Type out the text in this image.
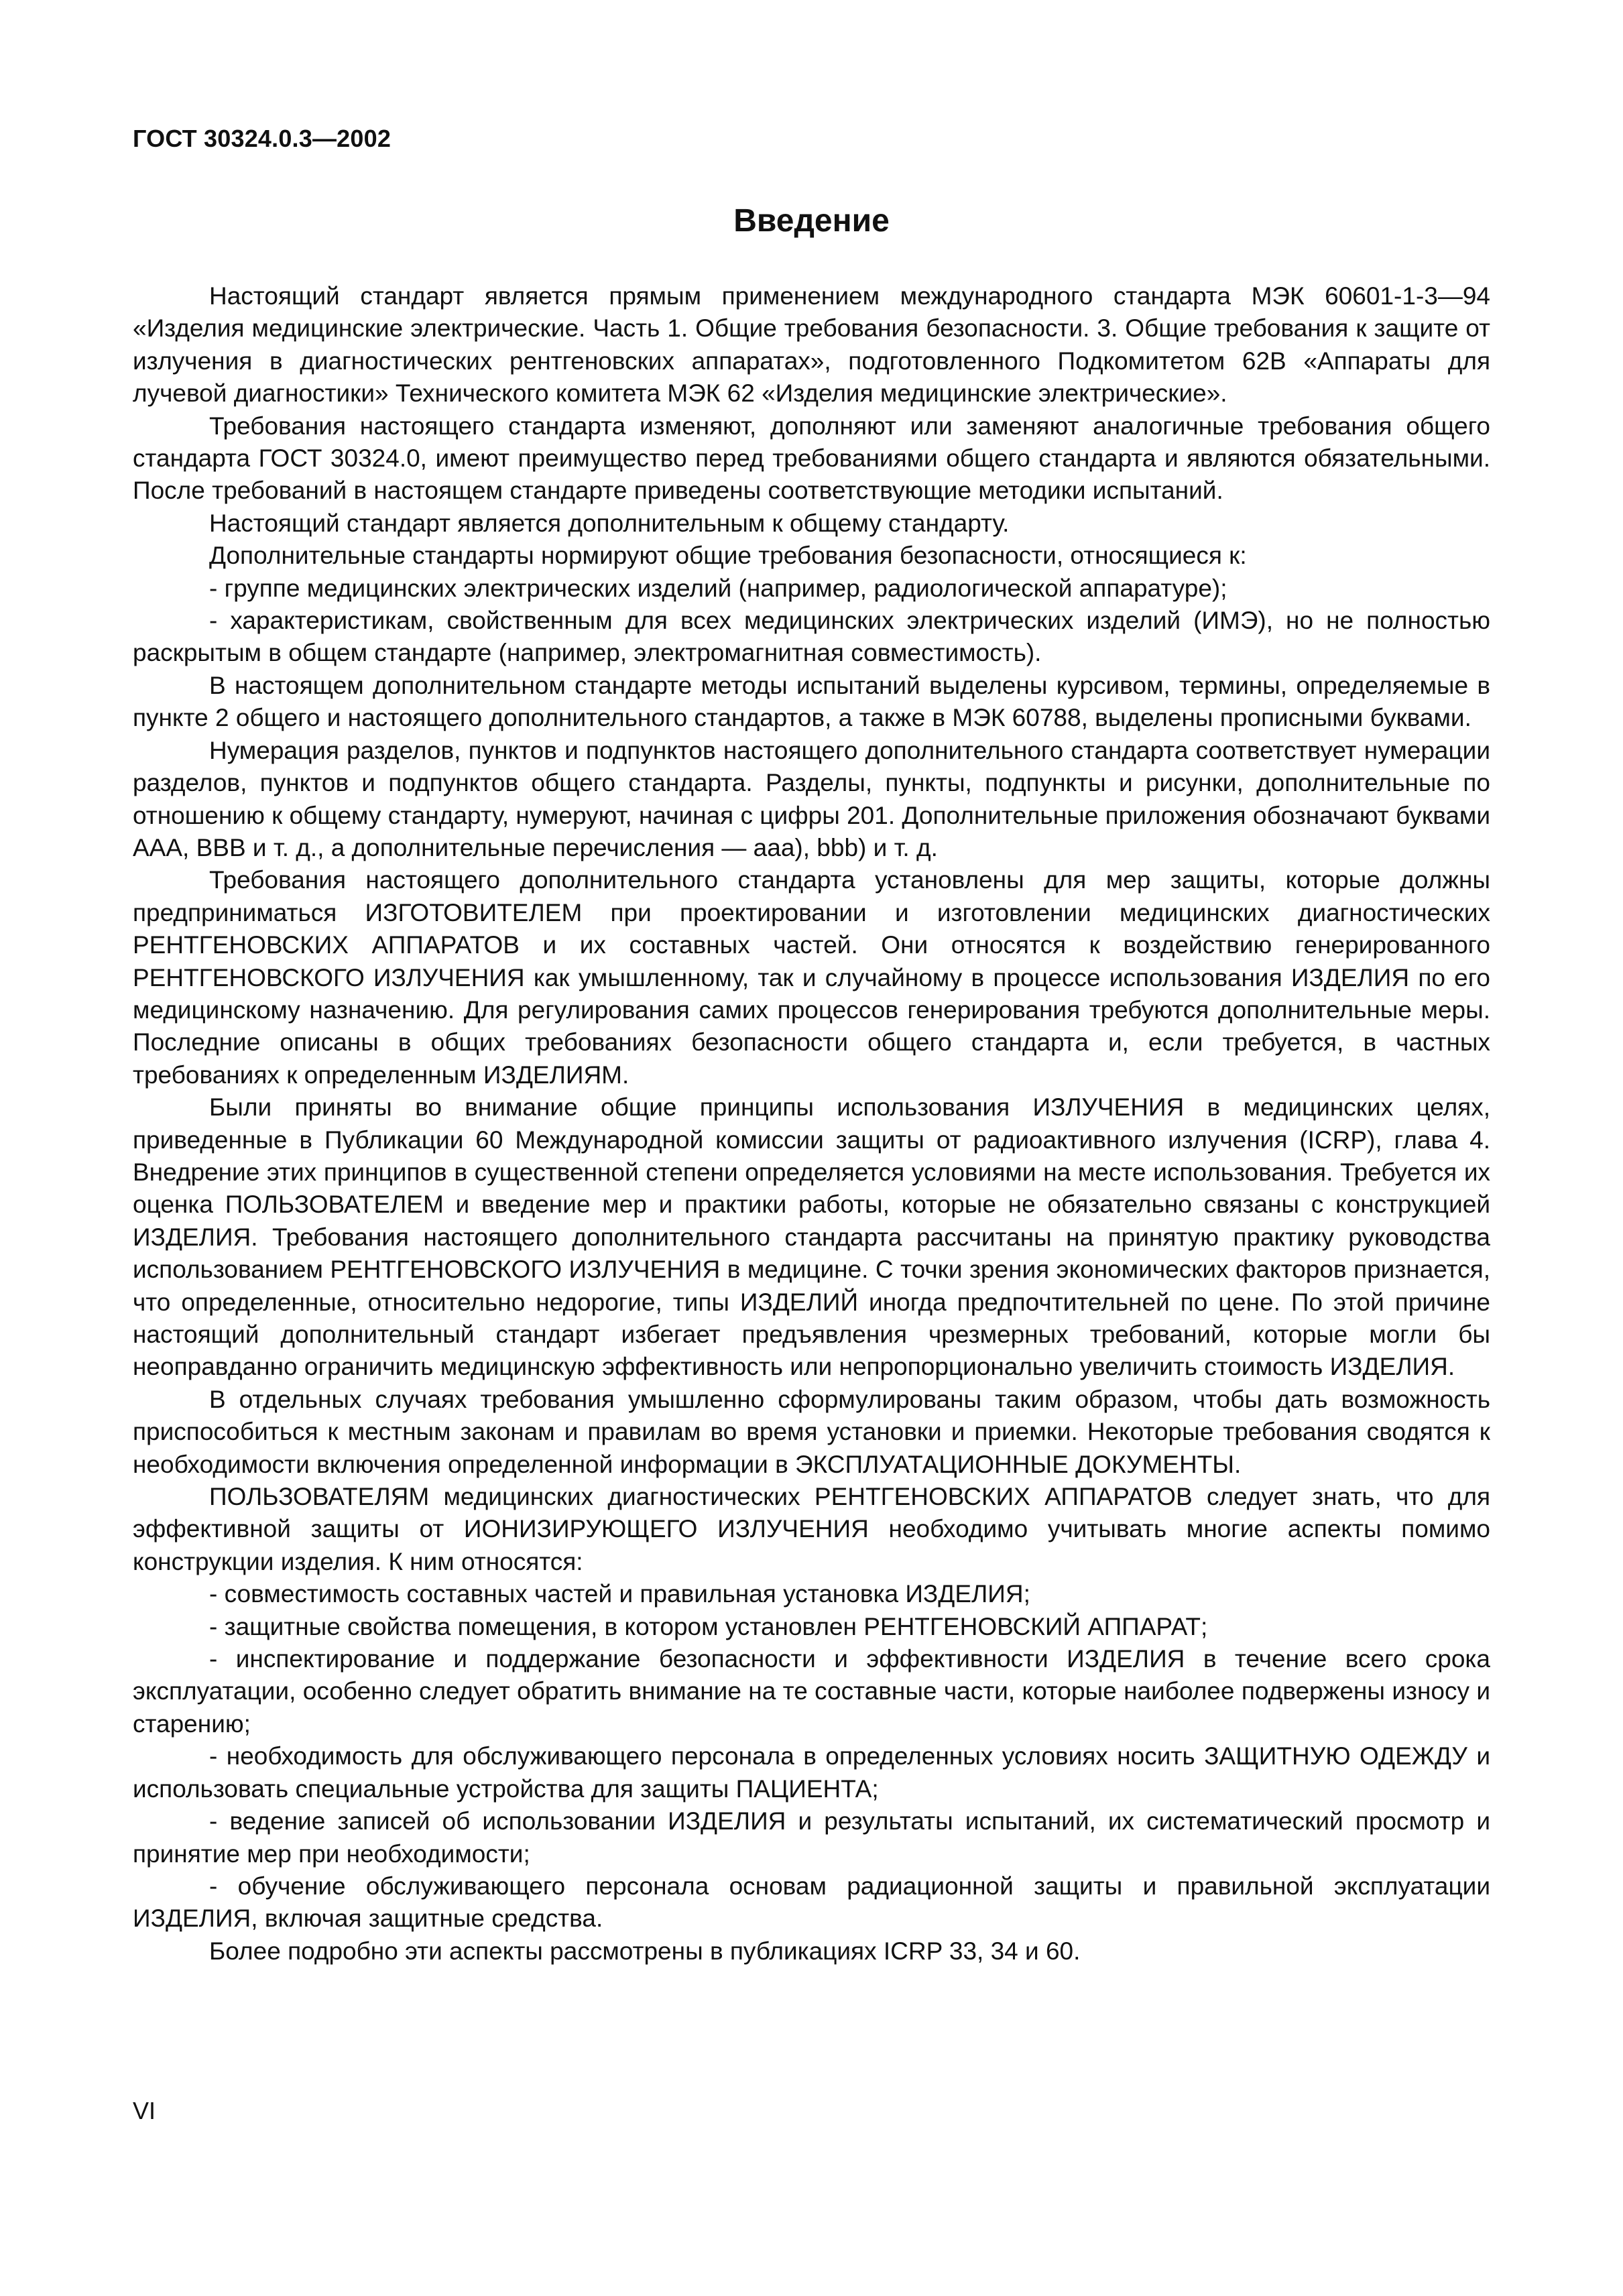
ГОСТ 30324.0.3—2002
Введение

Настоящий стандарт является прямым применением международного стандарта МЭК 60601-1-3—94 «Изделия медицинские электрические. Часть 1. Общие требования безопасности. 3. Общие требования к защите от излучения в диагностических рентгеновских аппаратах», подготовленного Подкомитетом 62В «Аппараты для лучевой диагностики» Технического комитета МЭК 62 «Изделия медицинские электрические».

Требования настоящего стандарта изменяют, дополняют или заменяют аналогичные требования общего стандарта ГОСТ 30324.0, имеют преимущество перед требованиями общего стандарта и являются обязательными. После требований в настоящем стандарте приведены соответствующие методики испытаний.

Настоящий стандарт является дополнительным к общему стандарту.

Дополнительные стандарты нормируют общие требования безопасности, относящиеся к:

- группе медицинских электрических изделий (например, радиологической аппаратуре);

- характеристикам, свойственным для всех медицинских электрических изделий (ИМЭ), но не полностью раскрытым в общем стандарте (например, электромагнитная совместимость).

В настоящем дополнительном стандарте методы испытаний выделены курсивом, термины, определяемые в пункте 2 общего и настоящего дополнительного стандартов, а также в МЭК 60788, выделены прописными буквами.

Нумерация разделов, пунктов и подпунктов настоящего дополнительного стандарта соответствует нумерации разделов, пунктов и подпунктов общего стандарта. Разделы, пункты, подпункты и рисунки, дополнительные по отношению к общему стандарту, нумеруют, начиная с цифры 201. Дополнительные приложения обозначают буквами ААА, ВВВ и т. д., а дополнительные перечисления — ааа), bbb) и т. д.

Требования настоящего дополнительного стандарта установлены для мер защиты, которые должны предприниматься ИЗГОТОВИТЕЛЕМ при проектировании и изготовлении медицинских диагностических РЕНТГЕНОВСКИХ АППАРАТОВ и их составных частей. Они относятся к воздействию генерированного РЕНТГЕНОВСКОГО ИЗЛУЧЕНИЯ как умышленному, так и случайному в процессе использования ИЗДЕЛИЯ по его медицинскому назначению. Для регулирования самих процессов генерирования требуются дополнительные меры. Последние описаны в общих требованиях безопасности общего стандарта и, если требуется, в частных требованиях к определенным ИЗДЕЛИЯМ.

Были приняты во внимание общие принципы использования ИЗЛУЧЕНИЯ в медицинских целях, приведенные в Публикации 60 Международной комиссии защиты от радиоактивного излучения (ICRP), глава 4. Внедрение этих принципов в существенной степени определяется условиями на месте использования. Требуется их оценка ПОЛЬЗОВАТЕЛЕМ и введение мер и практики работы, которые не обязательно связаны с конструкцией ИЗДЕЛИЯ. Требования настоящего дополнительного стандарта рассчитаны на принятую практику руководства использованием РЕНТГЕНОВСКОГО ИЗЛУЧЕНИЯ в медицине. С точки зрения экономических факторов признается, что определенные, относительно недорогие, типы ИЗДЕЛИЙ иногда предпочтительней по цене. По этой причине настоящий дополнительный стандарт избегает предъявления чрезмерных требований, которые могли бы неоправданно ограничить медицинскую эффективность или непропорционально увеличить стоимость ИЗДЕЛИЯ.

В отдельных случаях требования умышленно сформулированы таким образом, чтобы дать возможность приспособиться к местным законам и правилам во время установки и приемки. Некоторые требования сводятся к необходимости включения определенной информации в ЭКСПЛУАТАЦИОННЫЕ ДОКУМЕНТЫ.

ПОЛЬЗОВАТЕЛЯМ медицинских диагностических РЕНТГЕНОВСКИХ АППАРАТОВ следует знать, что для эффективной защиты от ИОНИЗИРУЮЩЕГО ИЗЛУЧЕНИЯ необходимо учитывать многие аспекты помимо конструкции изделия. К ним относятся:

- совместимость составных частей и правильная установка ИЗДЕЛИЯ;

- защитные свойства помещения, в котором установлен РЕНТГЕНОВСКИЙ АППАРАТ;

- инспектирование и поддержание безопасности и эффективности ИЗДЕЛИЯ в течение всего срока эксплуатации, особенно следует обратить внимание на те составные части, которые наиболее подвержены износу и старению;

- необходимость для обслуживающего персонала в определенных условиях носить ЗАЩИТНУЮ ОДЕЖДУ и использовать специальные устройства для защиты ПАЦИЕНТА;

- ведение записей об использовании ИЗДЕЛИЯ и результаты испытаний, их систематический просмотр и принятие мер при необходимости;

- обучение обслуживающего персонала основам радиационной защиты и правильной эксплуатации ИЗДЕЛИЯ, включая защитные средства.

Более подробно эти аспекты рассмотрены в публикациях ICRP 33, 34 и 60.

VI
